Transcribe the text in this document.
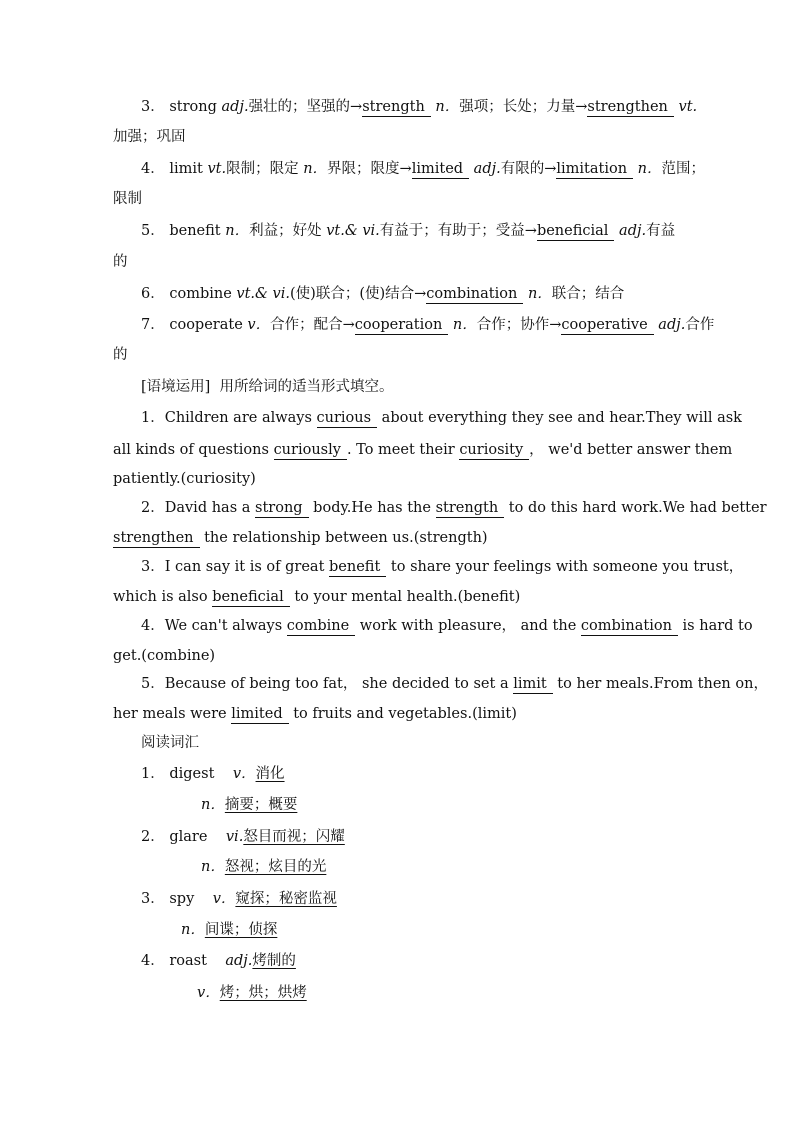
3． strong adj.强壮的；坚强的→strength n．强项；长处；力量→strengthen vt.
加强；巩固
4． limit vt.限制；限定 n．界限；限度→limited adj.有限的→limitation n．范围；
限制
5． benefit n．利益；好处 vt.& vi.有益于；有助于；受益→beneficial adj.有益
的
6． combine vt.& vi.(使)联合；(使)结合→combination n．联合；结合
7． cooperate v．合作；配合→cooperation n．合作；协作→cooperative adj.合作
的
[语境运用] 用所给词的适当形式填空。
1．Children are always curious about everything they see and hear.They will ask
all kinds of questions curiously . To meet their curiosity ， we'd better answer them
patiently.(curiosity)
2．David has a strong body.He has the strength to do this hard work.We had better
strengthen the relationship between us.(strength)
3．I can say it is of great benefit to share your feelings with someone you trust，
which is also beneficial to your mental health.(benefit)
4．We can't always combine work with pleasure， and the combination is hard to
get.(combine)
5．Because of being too fat， she decided to set a limit to her meals.From then on，
her meals were limited to fruits and vegetables.(limit)
阅读词汇
1． digest v．消化
n．摘要；概要
2． glare vi.怒目而视；闪耀
n．怒视；炫目的光
3． spy v．窥探；秘密监视
n．间谍；侦探
4． roast adj.烤制的
v．烤；烘；烘烤
